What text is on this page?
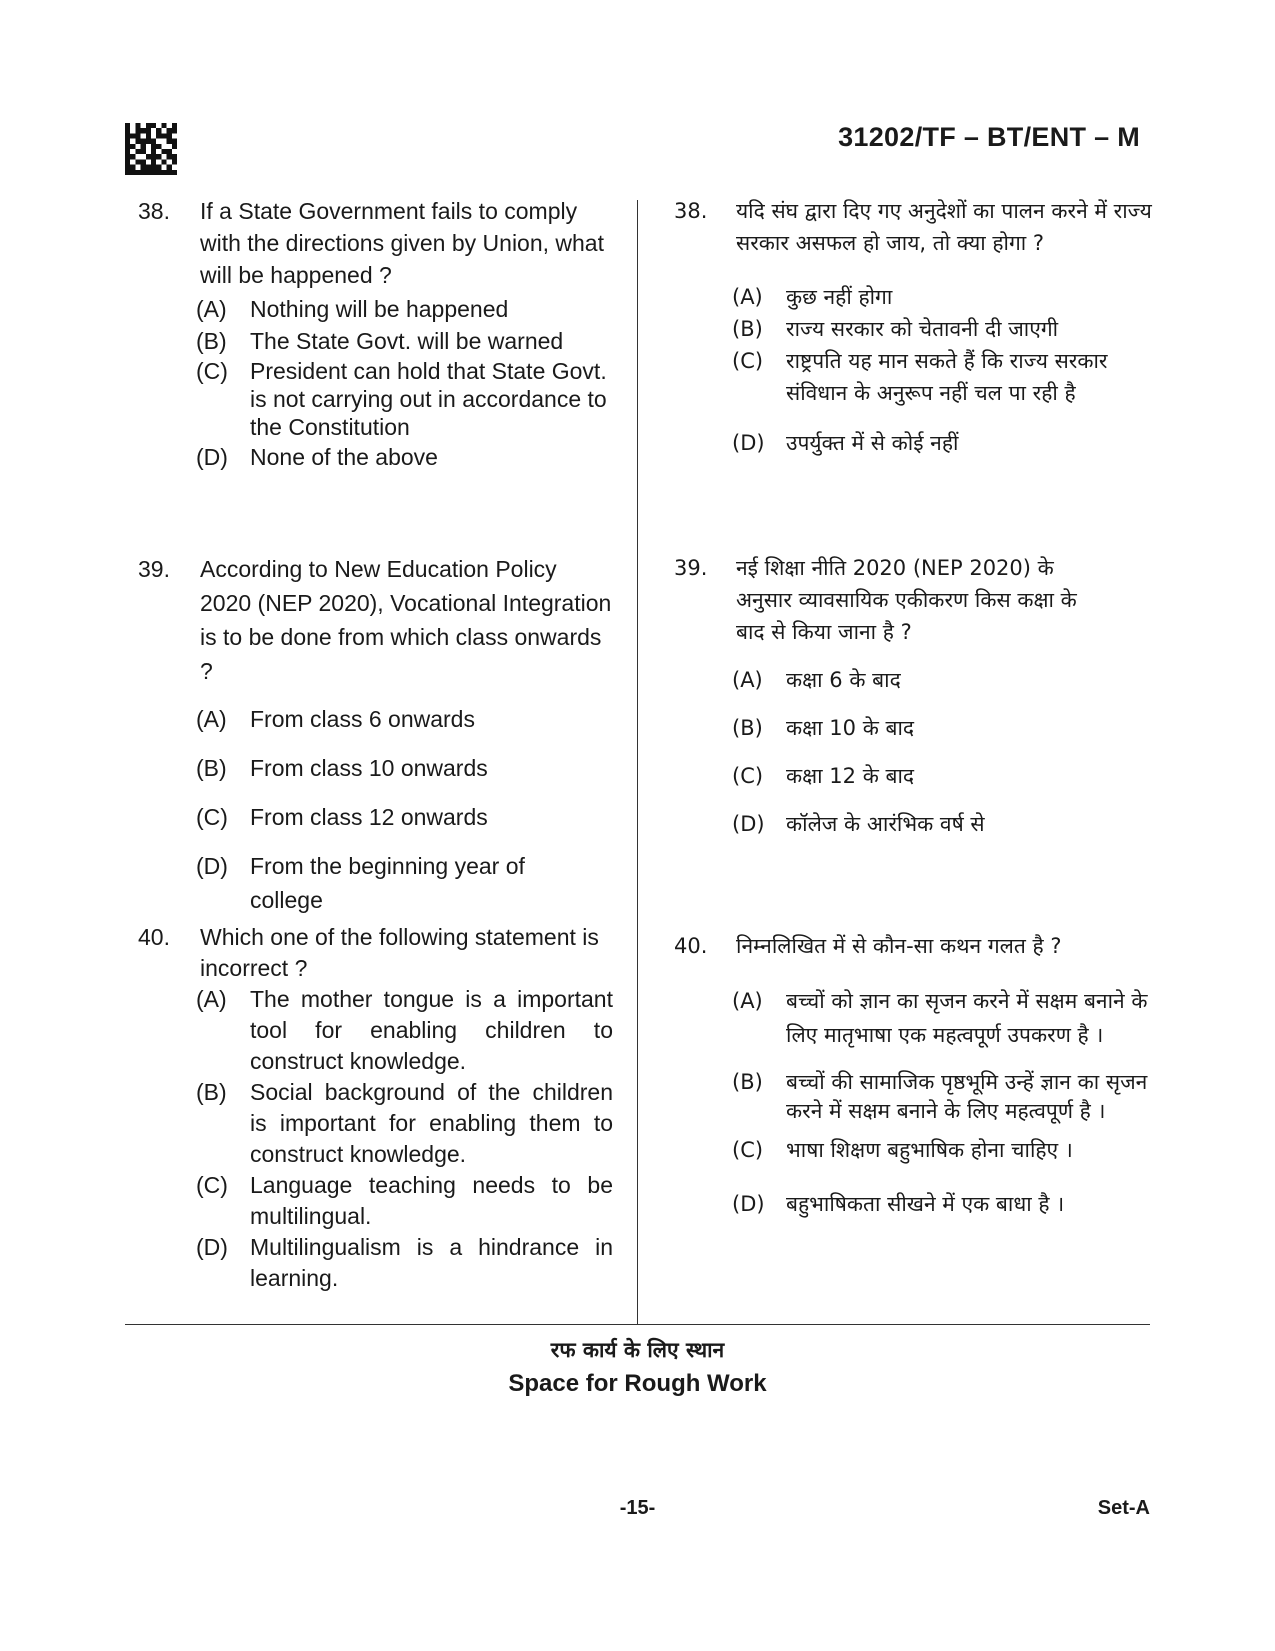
31202/TF – BT/ENT – M
38.	If a State Government fails to comply with the directions given by Union, what will be happened ?
(A)	Nothing will be happened
(B)	The State Govt. will be warned
(C) President can hold that State Govt. is not carrying out in accordance to the Constitution
(D) None of the above
39.	According to New Education Policy 2020 (NEP 2020), Vocational Integration is to be done from which class onwards ?
(A)	From class 6 onwards
(B)	From class 10 onwards
(C) From class 12 onwards
(D) From the beginning year of college
40.	Which one of the following statement is incorrect ?
(A)	The mother tongue is a important tool for enabling children to construct knowledge.
(B)	Social background of the children is important for enabling them to construct knowledge.
(C) Language teaching needs to be multilingual.
(D) Multilingualism is a hindrance in learning.
38.	यदि संघ द्वारा दिए गए अनुदेशों का पालन करने में राज्य सरकार असफल हो जाय, तो क्या होगा ?
(A)	कुछ नहीं होगा
(B)	राज्य सरकार को चेतावनी दी जाएगी
(C)	राष्ट्रपति यह मान सकते हैं कि राज्य सरकार संविधान के अनुरूप नहीं चल पा रही है
(D)	उपर्युक्त में से कोई नहीं
39.	नई शिक्षा नीति 2020 (NEP 2020) के अनुसार व्यावसायिक एकीकरण किस कक्षा के बाद से किया जाना है ?
(A)	कक्षा 6 के बाद
(B)	कक्षा 10 के बाद
(C)	कक्षा 12 के बाद
(D)	कॉलेज के आरंभिक वर्ष से
40.	निम्नलिखित में से कौन-सा कथन गलत है ?
(A)	बच्चों को ज्ञान का सृजन करने में सक्षम बनाने के लिए मातृभाषा एक महत्वपूर्ण उपकरण है ।
(B)	बच्चों की सामाजिक पृष्ठभूमि उन्हें ज्ञान का सृजन करने में सक्षम बनाने के लिए महत्वपूर्ण है ।
(C)	भाषा शिक्षण बहुभाषिक होना चाहिए ।
(D)	बहुभाषिकता सीखने में एक बाधा है ।
रफ कार्य के लिए स्थान
Space for Rough Work
-15-	Set-A
